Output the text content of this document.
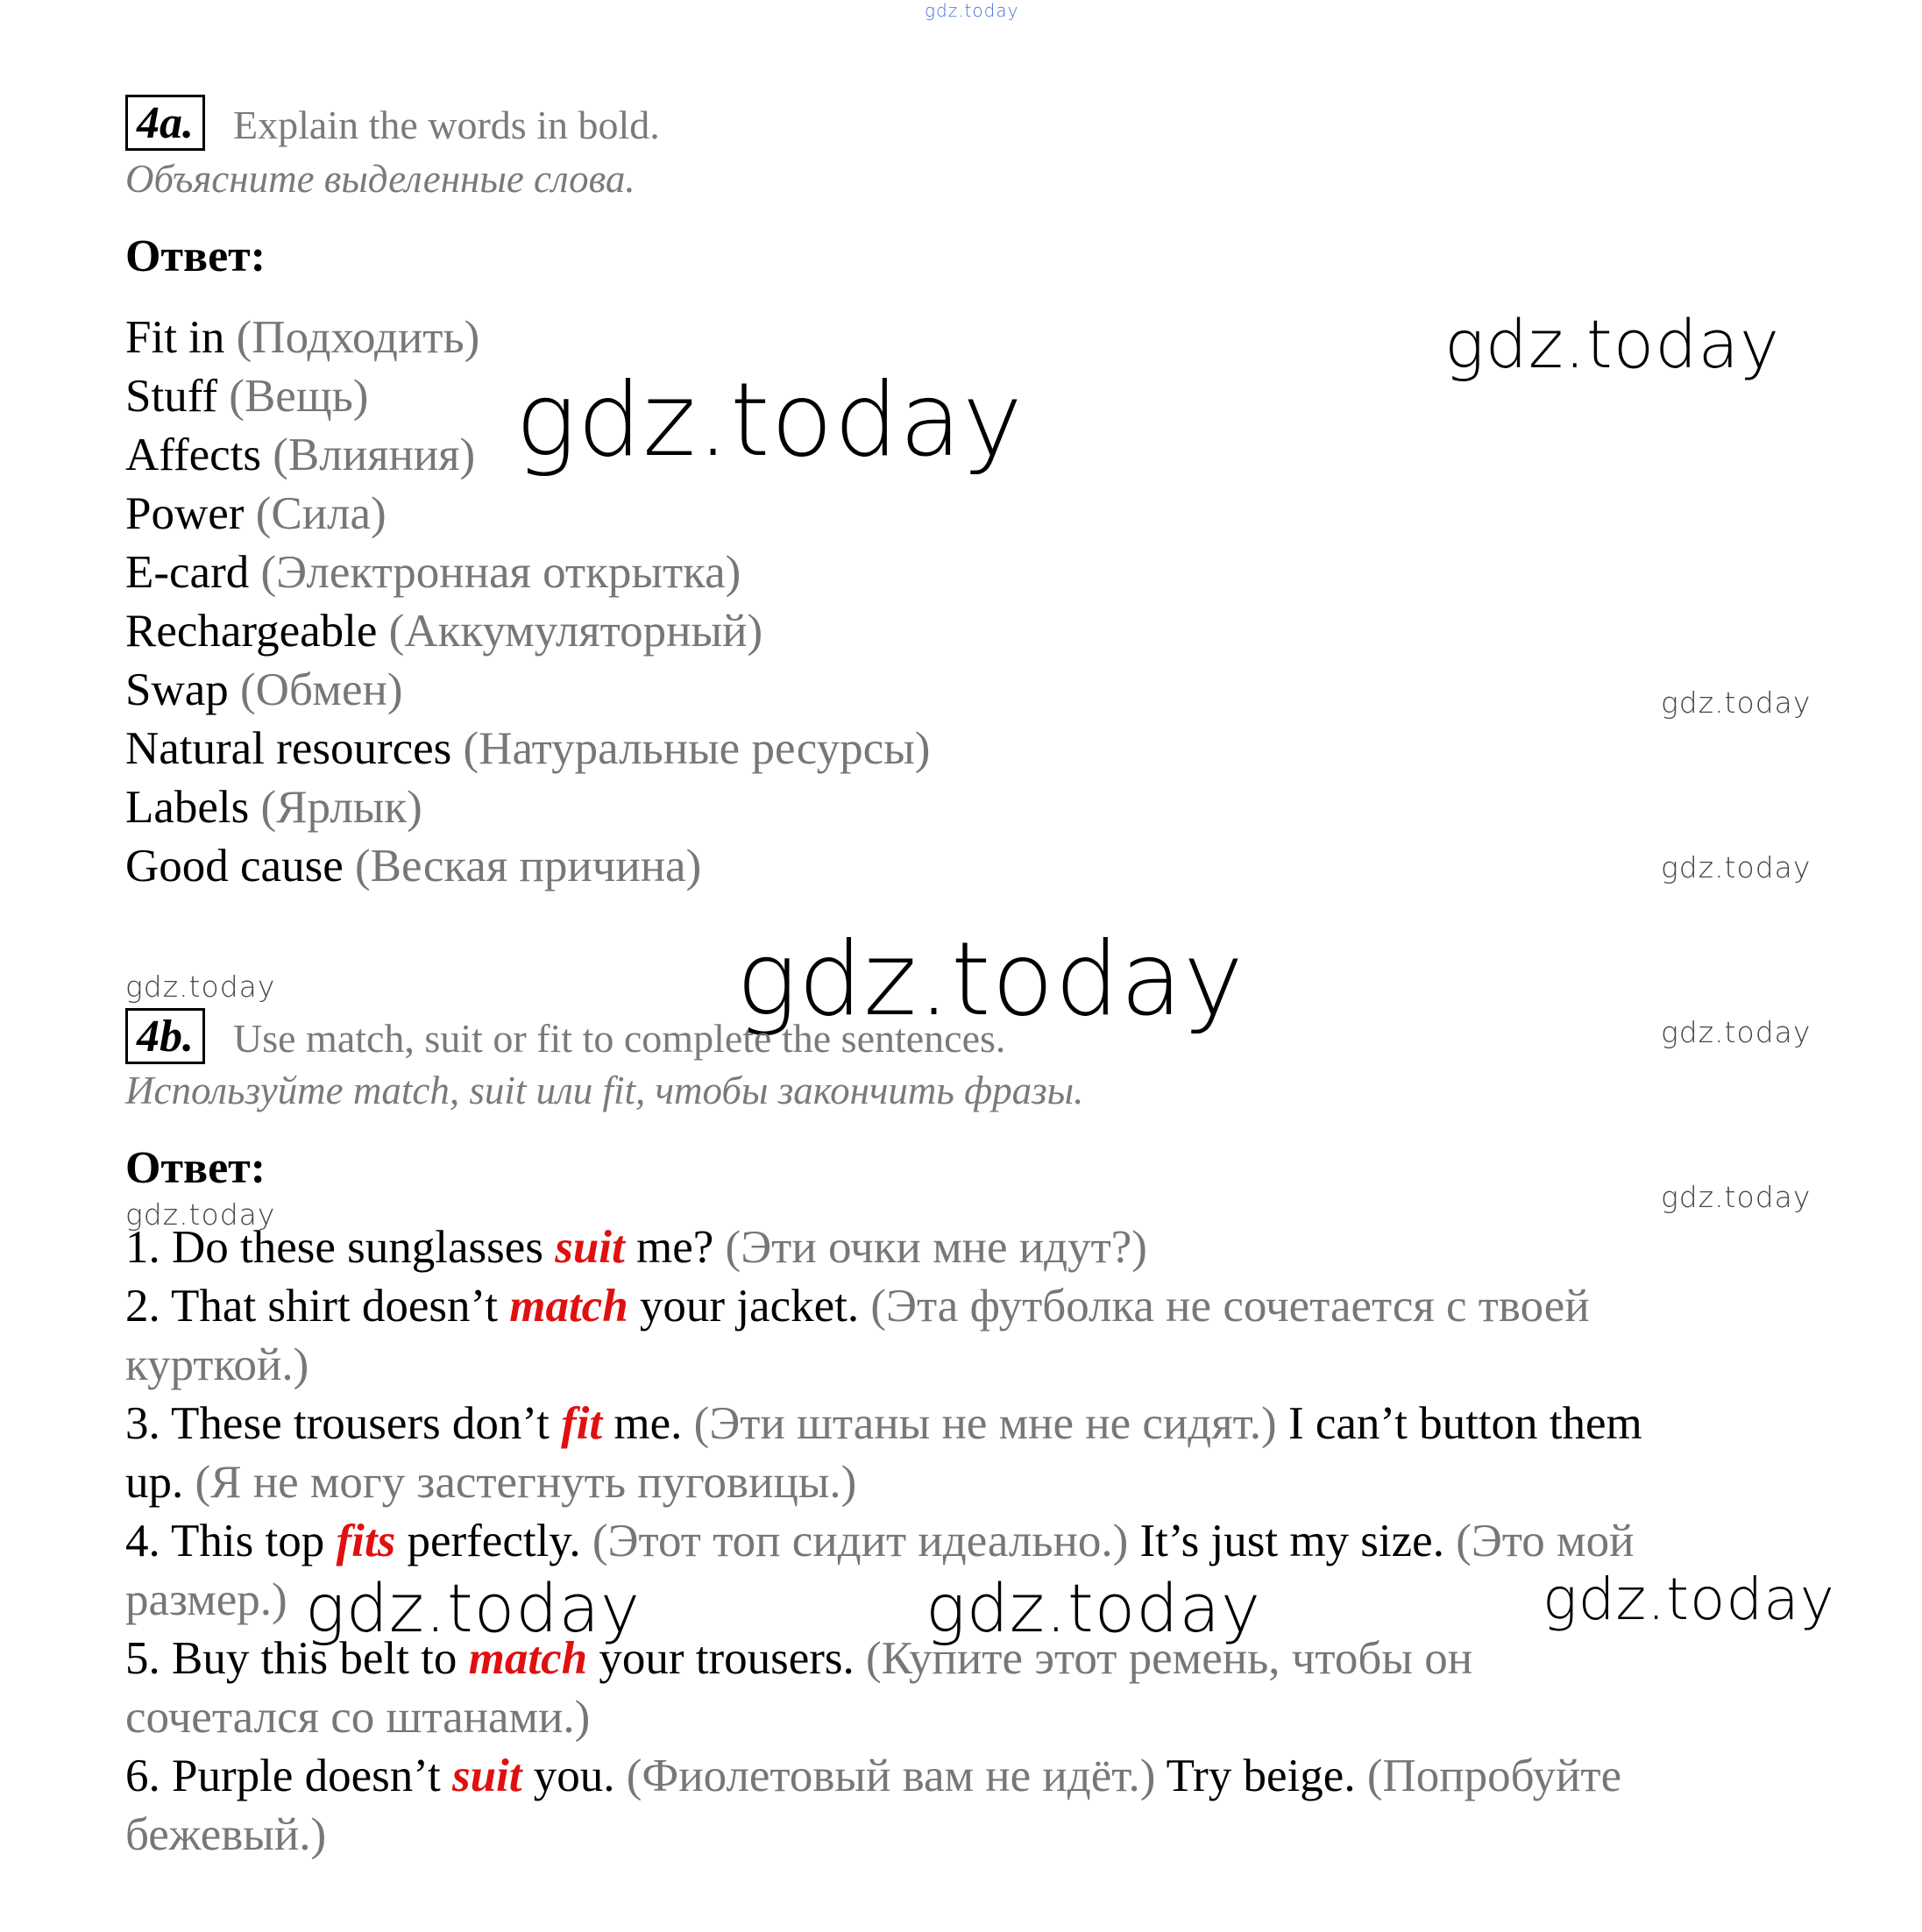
gdz.today
4a. Explain the words in bold.
Объясните выделенные слова.
Ответ:
Fit in (Подходить)
Stuff (Вещь)
Affects (Влияния)
Power (Сила)
E-card (Электронная открытка)
Rechargeable (Аккумуляторный)
Swap (Обмен)
Natural resources (Натуральные ресурсы)
Labels (Ярлык)
Good cause (Веская причина)
gdz.today
gdz.today
gdz.today
gdz.today
gdz.today	gdz.today	gdz.today
4b. Use match, suit or fit to complete the sentences.
Используйте match, suit или fit, чтобы закончить фразы.
Ответ:
gdz.today
gdz.today
1. Do these sunglasses suit me? (Эти очки мне идут?)
2. That shirt doesn’t match your jacket. (Эта футболка не сочетается с твоей
курткой.)
3. These trousers don’t fit me. (Эти штаны не мне не сидят.) I can’t button them
up. (Я не могу застегнуть пуговицы.)
4. This top fits perfectly. (Этот топ сидит идеально.) It’s just my size. (Это мой
размер.)
5. Buy this belt to match your trousers. (Купите этот ремень, чтобы он
сочетался со штанами.)
6. Purple doesn’t suit you. (Фиолетовый вам не идёт.) Try beige. (Попробуйте
бежевый.)
gdz.today	gdz.today	gdz.today
